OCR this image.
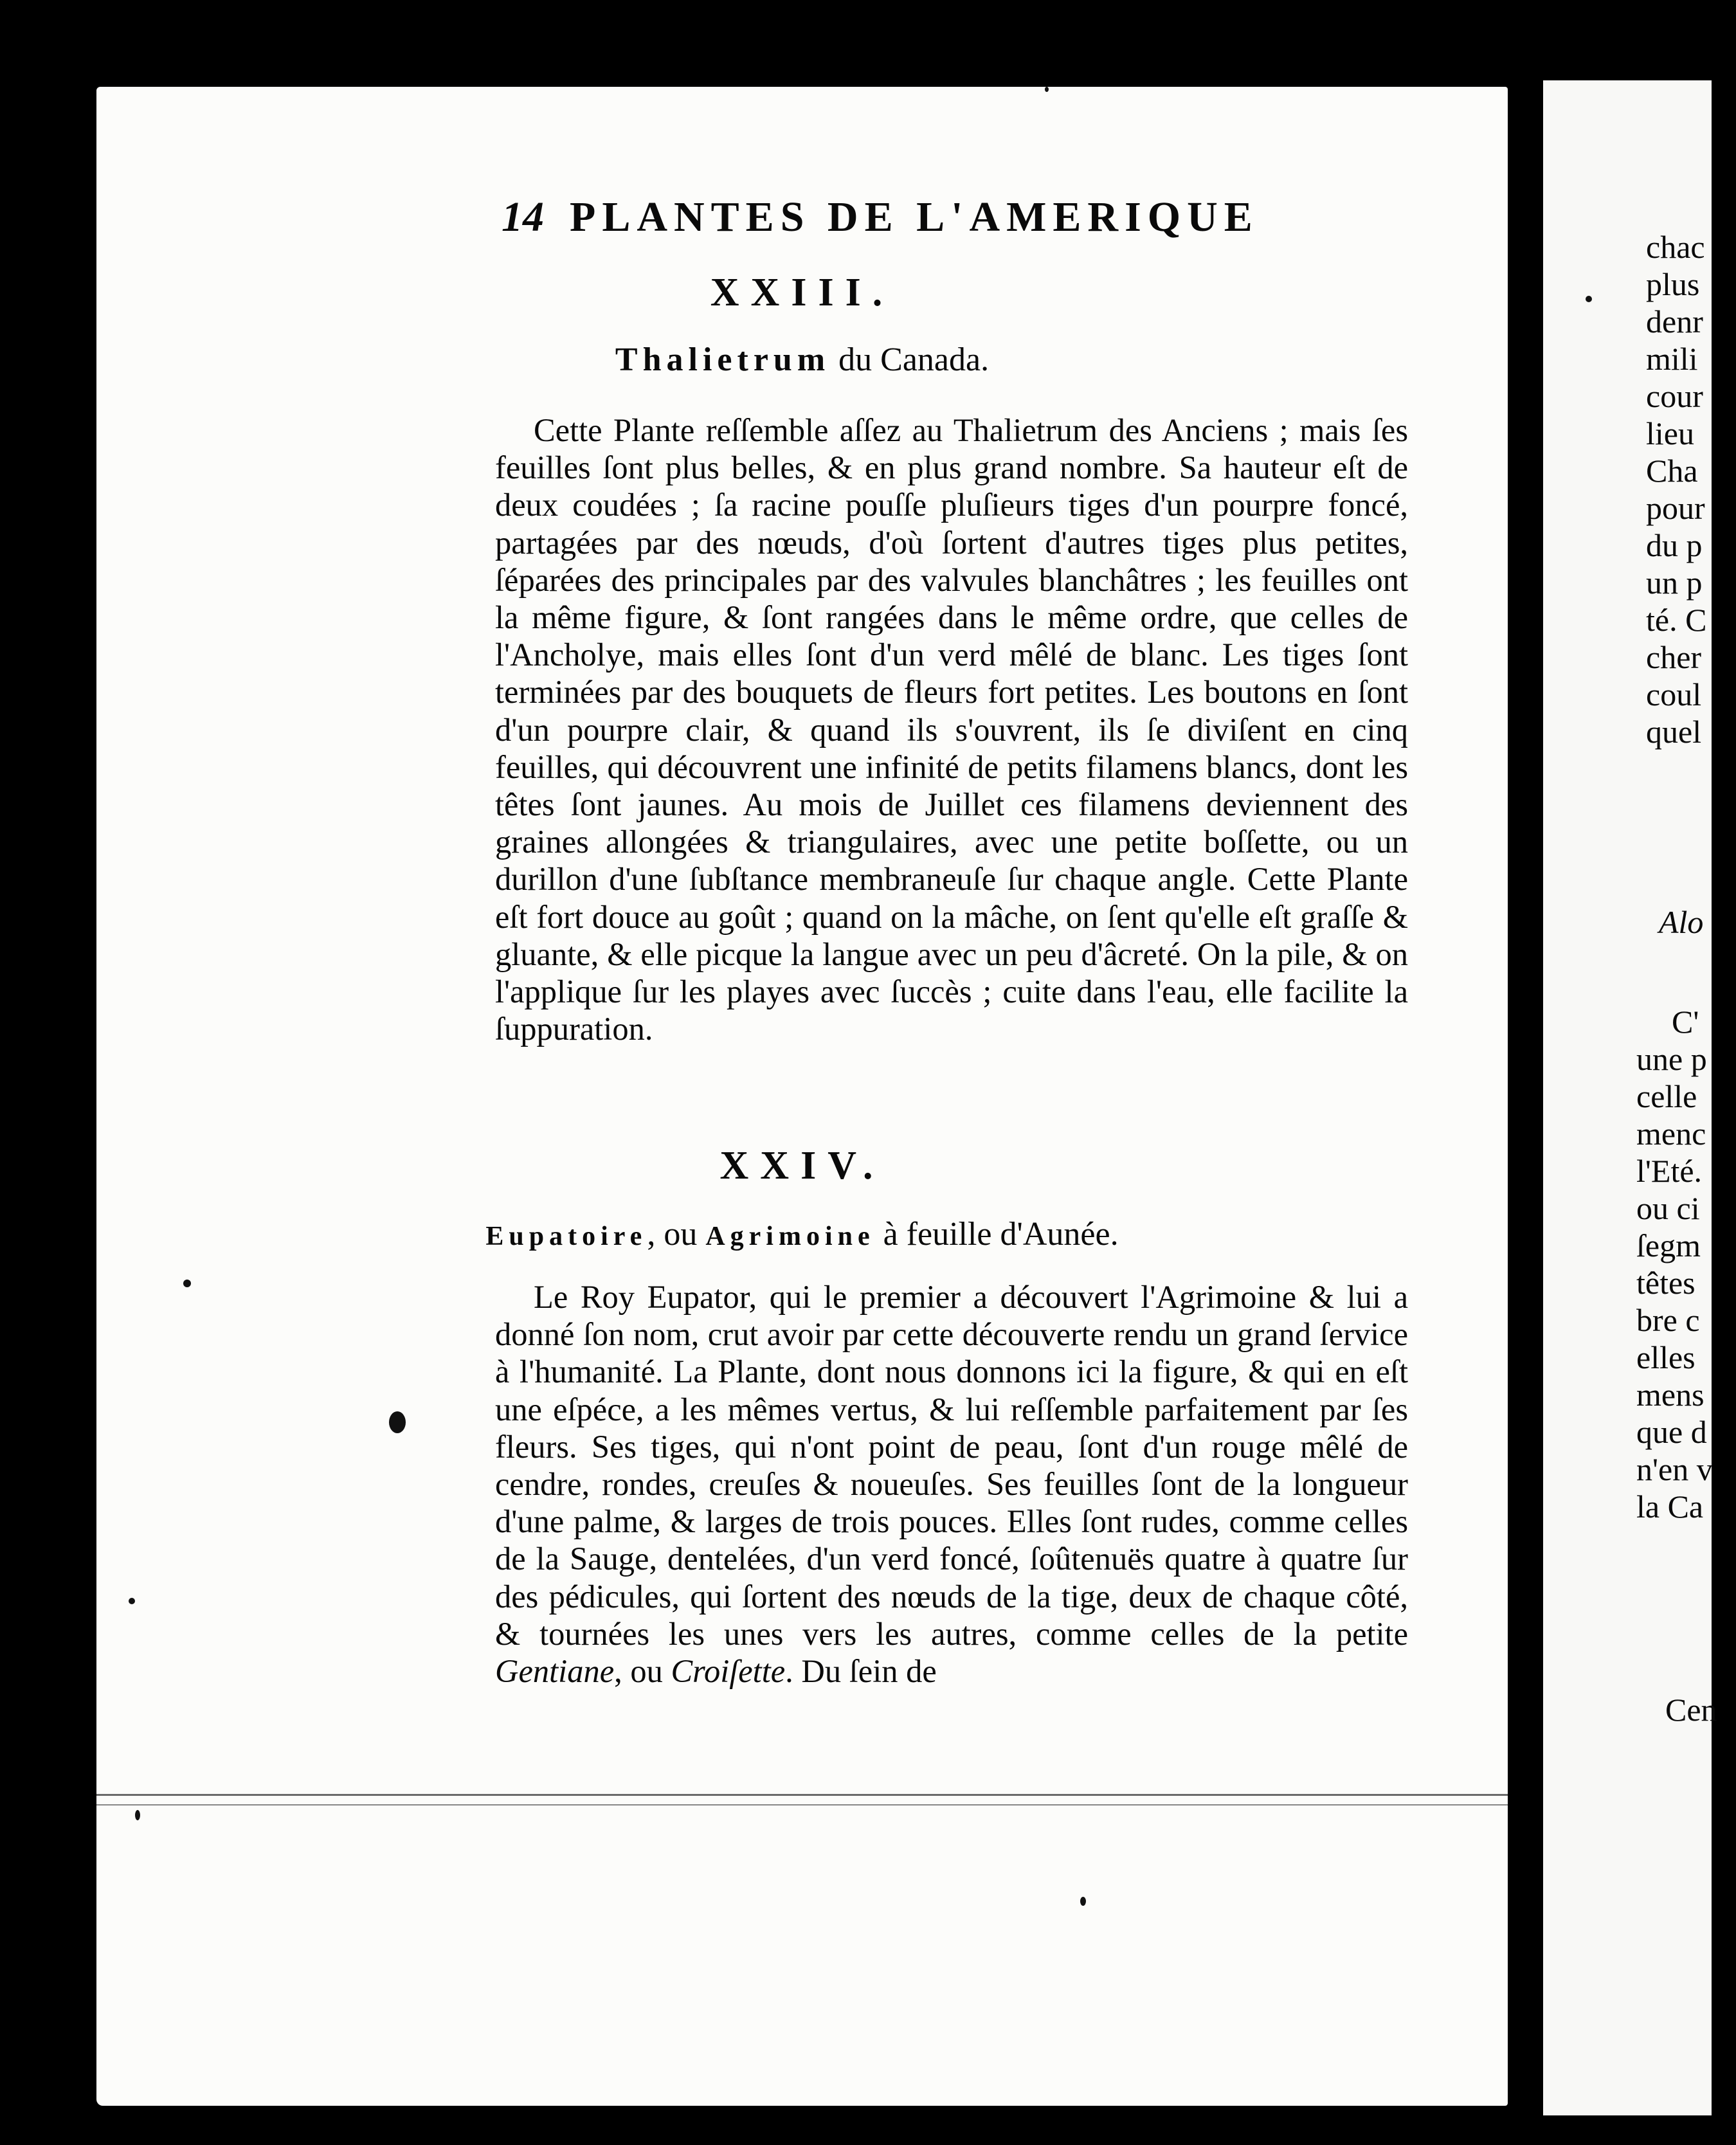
14 PLANTES DE L'AMERIQUE
XXIII.
Thalietrum du Canada.

Cette Plante reſſemble aſſez au Thalietrum des Anciens ; mais ſes feuilles ſont plus belles, & en plus grand nombre. Sa hauteur eſt de deux coudées ; ſa racine pouſſe pluſieurs tiges d'un pourpre foncé, partagées par des nœuds, d'où ſortent d'autres tiges plus petites, ſéparées des principales par des valvules blanchâtres ; les feuilles ont la même figure, & ſont rangées dans le même ordre, que celles de l'Ancholye, mais elles ſont d'un verd mêlé de blanc. Les tiges ſont terminées par des bouquets de fleurs fort petites. Les boutons en ſont d'un pourpre clair, & quand ils s'ouvrent, ils ſe diviſent en cinq feuilles, qui découvrent une infinité de petits filamens blancs, dont les têtes ſont jaunes. Au mois de Juillet ces filamens deviennent des graines allongées & triangulaires, avec une petite boſſette, ou un durillon d'une ſubſtance membraneuſe ſur chaque angle. Cette Plante eſt fort douce au goût ; quand on la mâche, on ſent qu'elle eſt graſſe & gluante, & elle picque la langue avec un peu d'âcreté. On la pile, & on l'applique ſur les playes avec ſuccès ; cuite dans l'eau, elle facilite la ſuppuration.

XXIV.
Eupatoire, ou Agrimoine à feuille d'Aunée.

Le Roy Eupator, qui le premier a découvert l'Agrimoine & lui a donné ſon nom, crut avoir par cette découverte rendu un grand ſervice à l'humanité. La Plante, dont nous donnons ici la figure, & qui en eſt une eſpéce, a les mêmes vertus, & lui reſſemble parfaitement par ſes fleurs. Ses tiges, qui n'ont point de peau, ſont d'un rouge mêlé de cendre, rondes, creuſes & noueuſes. Ses feuilles ſont de la longueur d'une palme, & larges de trois pouces. Elles ſont rudes, comme celles de la Sauge, dentelées, d'un verd foncé, ſoûtenuës quatre à quatre ſur des pédicules, qui ſortent des nœuds de la tige, deux de chaque côté, & tournées les unes vers les autres, comme celles de la petite Gentiane, ou Croiſette. Du ſein de

chac
plus
denr
mili
cour
lieu
Cha
pour
du p
un p
té. C
cher
coul
quel
Alo
C'
une p
celle
menc
l'Eté.
ou ci
ſegm
têtes
bre c
elles
mens
que d
n'en v
la Ca
Cen
